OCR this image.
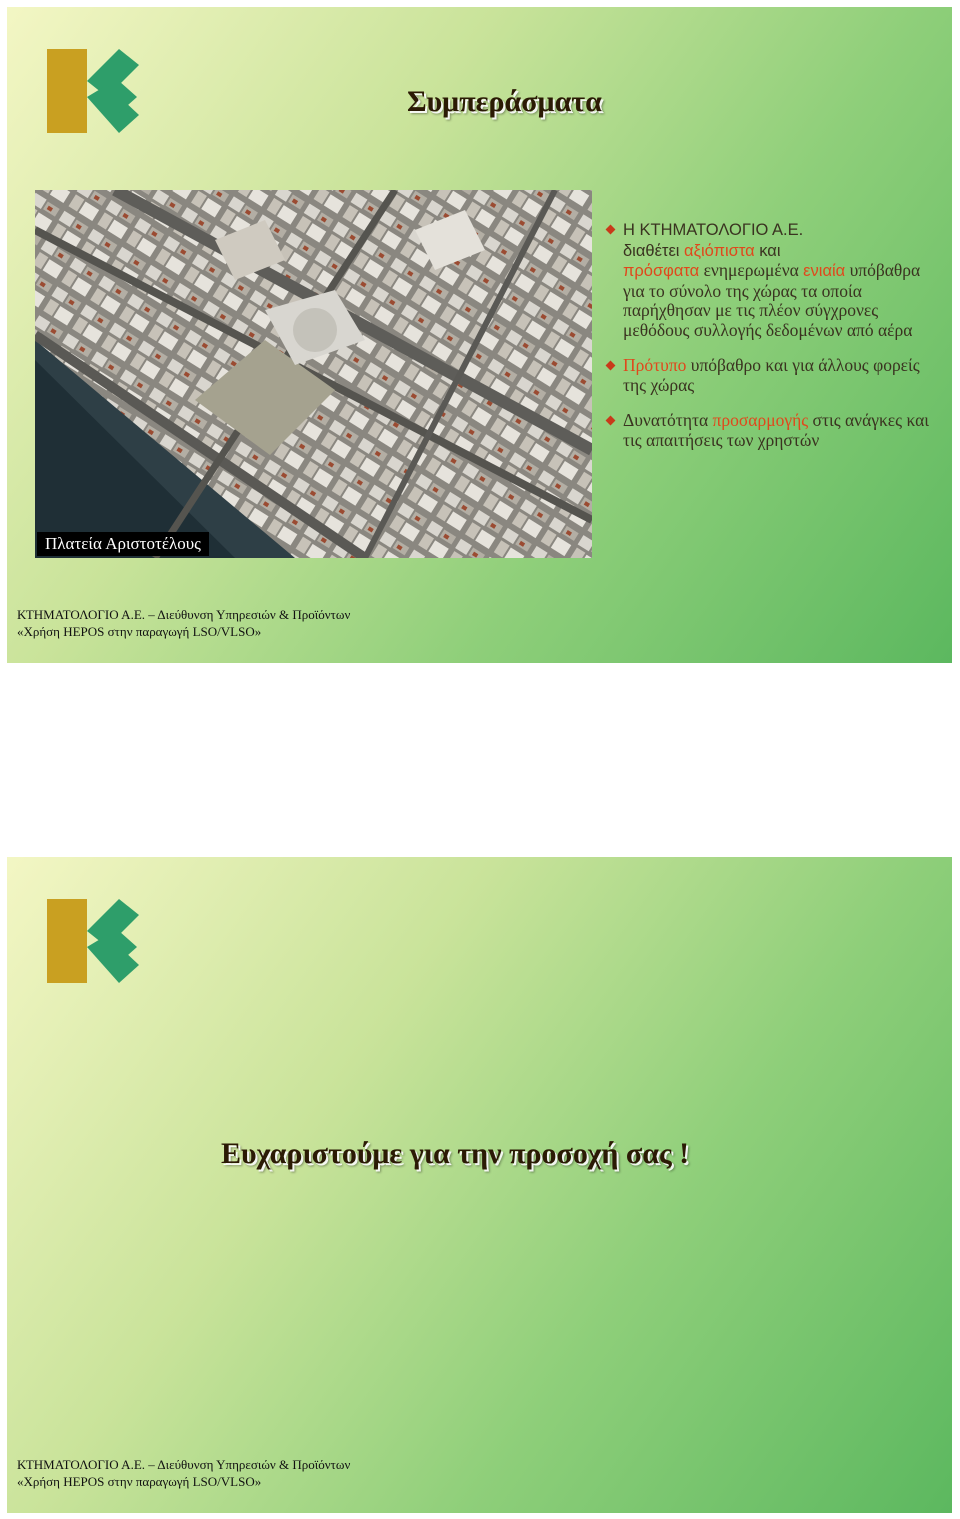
Συμπεράσματα
Πλατεία Αριστοτέλους
Η ΚΤΗΜΑΤΟΛΟΓΙΟ Α.Ε.
διαθέτει αξιόπιστα και
πρόσφατα ενημερωμένα ενιαία υπόβαθρα για το σύνολο της χώρας τα οποία παρήχθησαν με τις πλέον σύγχρονες μεθόδους συλλογής δεδομένων από αέρα
Πρότυπο υπόβαθρο και για άλλους φορείς της χώρας
Δυνατότητα προσαρμογής στις ανάγκες και τις απαιτήσεις των χρηστών
ΚΤΗΜΑΤΟΛΟΓΙΟ Α.Ε. – Διεύθυνση Υπηρεσιών & Προϊόντων
«Χρήση HEPOS στην παραγωγή LSO/VLSO»
Ευχαριστούμε για την προσοχή σας !
ΚΤΗΜΑΤΟΛΟΓΙΟ Α.Ε. – Διεύθυνση Υπηρεσιών & Προϊόντων
«Χρήση HEPOS στην παραγωγή LSO/VLSO»
